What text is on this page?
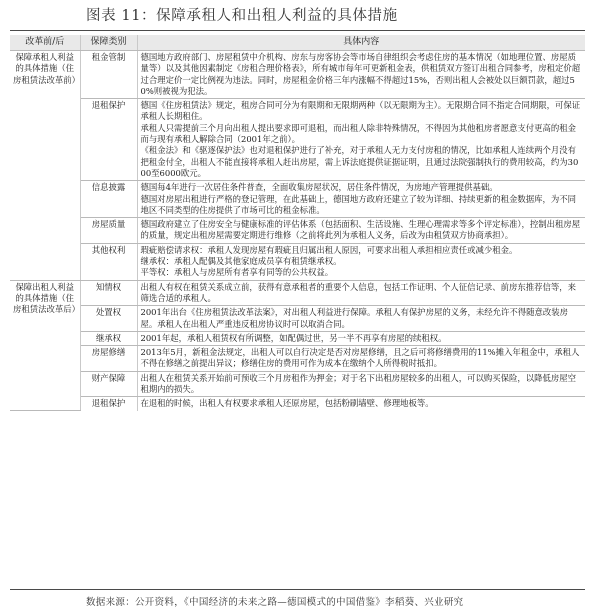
图表 11：保障承租人和出租人利益的具体措施
改革前/后	保障类别	具体内容
保障承租人利益的具体措施（住房租赁法改革前）	租金管制	德国地方政府部门、房屋租赁中介机构、房东与房客协会等市场自律组织会考虑住房的基本情况（如地理位置、房屋质量等）以及其他因素制定《房租合理价格表》，所有城市每年可更新租金表，供租赁双方签订出租合同参考，房租定价超过合理定价一定比例视为违法。同时，房屋租金价格三年内涨幅不得超过15%，否则出租人会被处以巨额罚款，超过50%则被视为犯法。

	退租保护	德国《住房租赁法》规定，租房合同可分为有限期和无限期两种（以无限期为主）。无限期合同不指定合同期限，可保证承租人长期租住。

承租人只需提前三个月向出租人提出要求即可退租，而出租人除非特殊情况，不得因为其他租房者愿意支付更高的租金而与现有承租人解除合同（2001年之前）。

《租金法》和《驱逐保护法》也对退租保护进行了补充，对于承租人无力支付房租的情况，比如承租人连续两个月没有把租金付全，出租人不能直接将承租人赶出房屋，需上诉法庭提供证据证明，且通过法院强制执行的费用较高，约为3000至6000欧元。

	信息披露	德国每4年进行一次居住条件普查，全面收集房屋状况，居住条件情况，为房地产管理提供基础。

德国对房屋出租进行严格的登记管理，在此基础上，德国地方政府还建立了较为详细、持续更新的租金数据库，为不同地区不同类型的住房提供了市场可比的租金标准。

	房屋质量	德国政府建立了住房安全与健康标准的评估体系（包括面积、生活设施、生理心理需求等多个评定标准），控制出租房屋的质量，规定出租房屋需要定期进行维修（之前将此列为承租人义务，后改为由租赁双方协商承担）。

	其他权利	瑕疵赔偿请求权：承租人发现房屋有瑕疵且归属出租人原因，可要求出租人承担相应责任或减少租金。

继承权：承租人配偶及其他家庭成员享有租赁继承权。

平等权：承租人与房屋所有者享有同等的公共权益。

保障出租人利益的具体措施（住房租赁法改革后）	知情权	出租人有权在租赁关系成立前，获得有意承租者的重要个人信息，包括工作证明、个人征信记录、前房东推荐信等，来筛选合适的承租人。

	处置权	2001年出台《住房租赁法改革法案》，对出租人利益进行保障。承租人有保护房屋的义务，未经允许不得随意改装房屋。承租人在出租人严重违反租房协议时可以取消合同。

	继承权	2001年起，承租人租赁权有所调整，如配偶过世，另一半不再享有房屋的续租权。

	房屋修缮	2013年5月，新租金法规定，出租人可以自行决定是否对房屋修缮，且之后可将修缮费用的11%摊入年租金中，承租人不得在修缮之前提出异议；修缮住房的费用可作为成本在缴纳个人所得税时抵扣。

	财产保障	出租人在租赁关系开始前可预收三个月房租作为押金；对于名下出租房屋较多的出租人，可以购买保险，以降低房屋空租期内的损失。

	退租保护	在退租的时候，出租人有权要求承租人还原房屋，包括粉刷墙壁、修理地板等。

数据来源：公开资料，《中国经济的未来之路—德国模式的中国借鉴》李稻葵、兴业研究
